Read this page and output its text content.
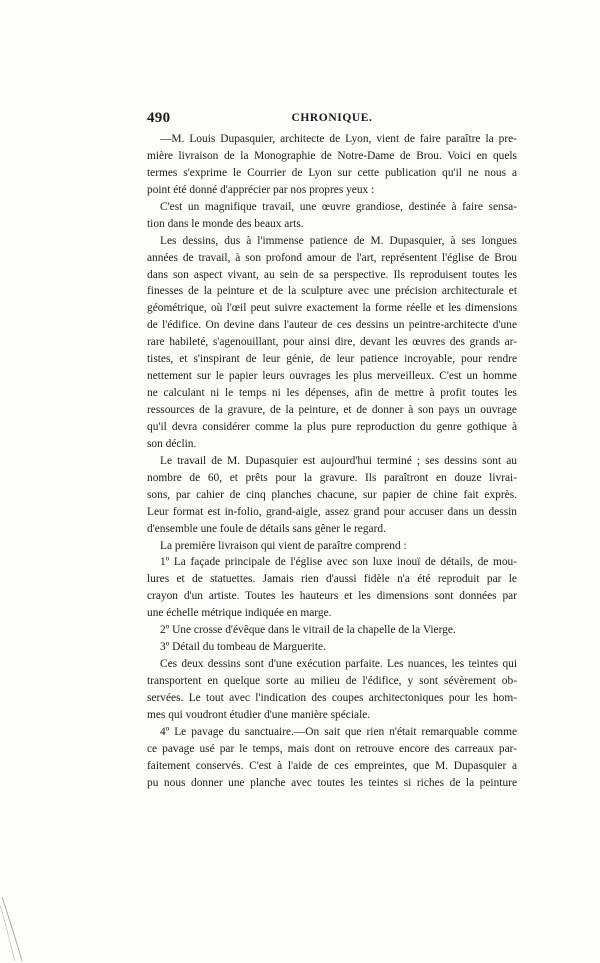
490	CHRONIQUE.
—M. Louis Dupasquier, architecte de Lyon, vient de faire paraître la pre-
mière livraison de la Monographie de Notre-Dame de Brou. Voici en quels
termes s'exprime le Courrier de Lyon sur cette publication qu'il ne nous a
point été donné d'apprécier par nos propres yeux :
C'est un magnifique travail, une œuvre grandiose, destinée à faire sensa-
tion dans le monde des beaux arts.
Les dessins, dus à l'immense patience de M. Dupasquier, à ses longues
années de travail, à son profond amour de l'art, représentent l'église de Brou
dans son aspect vivant, au sein de sa perspective. Ils reproduisent toutes les
finesses de la peinture et de la sculpture avec une précision architecturale et
géométrique, où l'œil peut suivre exactement la forme réelle et les dimensions
de l'édifice. On devine dans l'auteur de ces dessins un peintre-architecte d'une
rare habileté, s'agenouillant, pour ainsi dire, devant les œuvres des grands ar-
tistes, et s'inspirant de leur génie, de leur patience incroyable, pour rendre
nettement sur le papier leurs ouvrages les plus merveilleux. C'est un homme
ne calculant ni le temps ni les dépenses, afin de mettre à profit toutes les
ressources de la gravure, de la peinture, et de donner à son pays un ouvrage
qu'il devra considérer comme la plus pure reproduction du genre gothique à
son déclin.
Le travail de M. Dupasquier est aujourd'hui terminé ; ses dessins sont au
nombre de 60, et prêts pour la gravure. Ils paraîtront en douze livrai-
sons, par cahier de cinq planches chacune, sur papier de chine fait exprès.
Leur format est in-folio, grand-aigle, assez grand pour accuser dans un dessin
d'ensemble une foule de détails sans gêner le regard.
La première livraison qui vient de paraître comprend :
1º La façade principale de l'église avec son luxe inouï de détails, de mou-
lures et de statuettes. Jamais rien d'aussi fidèle n'a été reproduit par le
crayon d'un artiste. Toutes les hauteurs et les dimensions sont données par
une échelle métrique indiquée en marge.
2º Une crosse d'évêque dans le vitrail de la chapelle de la Vierge.
3º Détail du tombeau de Marguerite.
Ces deux dessins sont d'une exécution parfaite. Les nuances, les teintes qui
transportent en quelque sorte au milieu de l'édifice, y sont sévèrement ob-
servées. Le tout avec l'indication des coupes architectoniques pour les hom-
mes qui voudront étudier d'une manière spéciale.
4º Le pavage du sanctuaire.—On sait que rien n'était remarquable comme
ce pavage usé par le temps, mais dont on retrouve encore des carreaux par-
faitement conservés. C'est à l'aide de ces empreintes, que M. Dupasquier a
pu nous donner une planche avec toutes les teintes si riches de la peinture
